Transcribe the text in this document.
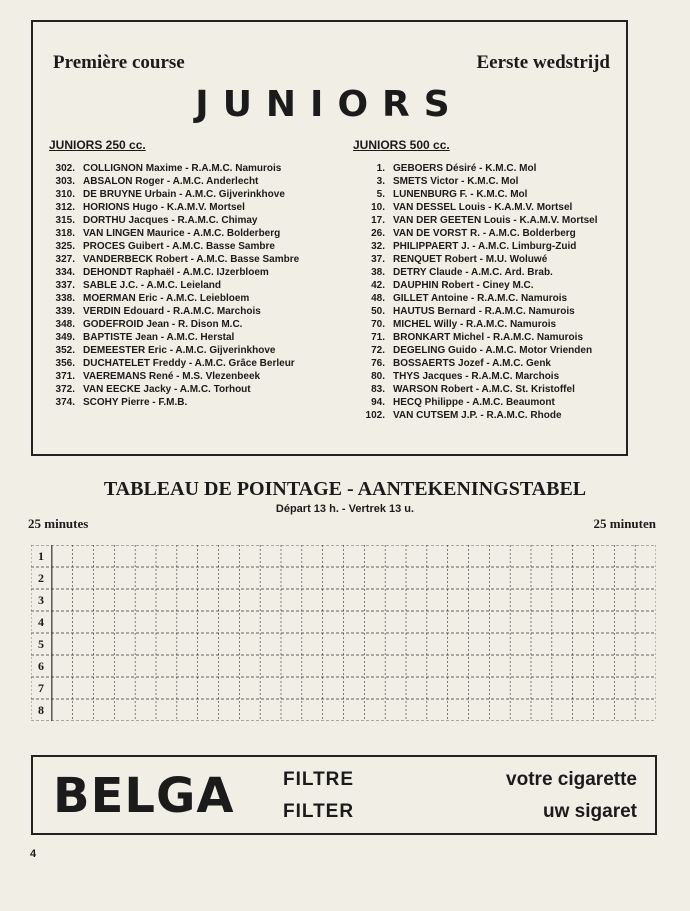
Première course	Eerste wedstrijd
JUNIORS
JUNIORS 250 cc.
302. COLLIGNON Maxime - R.A.M.C. Namurois
303. ABSALON Roger - A.M.C. Anderlecht
310. DE BRUYNE Urbain - A.M.C. Gijverinkhove
312. HORIONS Hugo - K.A.M.V. Mortsel
315. DORTHU Jacques - R.A.M.C. Chimay
318. VAN LINGEN Maurice - A.M.C. Bolderberg
325. PROCES Guibert - A.M.C. Basse Sambre
327. VANDERBECK Robert - A.M.C. Basse Sambre
334. DEHONDT Raphaël - A.M.C. IJzerbloem
337. SABLE J.C. - A.M.C. Leieland
338. MOERMAN Eric - A.M.C. Leiebloem
339. VERDIN Edouard - R.A.M.C. Marchois
348. GODEFROID Jean - R. Dison M.C.
349. BAPTISTE Jean - A.M.C. Herstal
352. DEMEESTER Eric - A.M.C. Gijverinkhove
356. DUCHATELET Freddy - A.M.C. Grâce Berleur
371. VAEREMANS René - M.S. Vlezenbeek
372. VAN EECKE Jacky - A.M.C. Torhout
374. SCOHY Pierre - F.M.B.
JUNIORS 500 cc.
1. GEBOERS Désiré - K.M.C. Mol
3. SMETS Victor - K.M.C. Mol
5. LUNENBURG F. - K.M.C. Mol
10. VAN DESSEL Louis - K.A.M.V. Mortsel
17. VAN DER GEETEN Louis - K.A.M.V. Mortsel
26. VAN DE VORST R. - A.M.C. Bolderberg
32. PHILIPPAERT J. - A.M.C. Limburg-Zuid
37. RENQUET Robert - M.U. Woluwé
38. DETRY Claude - A.M.C. Ard. Brab.
42. DAUPHIN Robert - Ciney M.C.
48. GILLET Antoine - R.A.M.C. Namurois
50. HAUTUS Bernard - R.A.M.C. Namurois
70. MICHEL Willy - R.A.M.C. Namurois
71. BRONKART Michel - R.A.M.C. Namurois
72. DEGELING Guido - A.M.C. Motor Vrienden
76. BOSSAERTS Jozef - A.M.C. Genk
80. THYS Jacques - R.A.M.C. Marchois
83. WARSON Robert - A.M.C. St. Kristoffel
94. HECQ Philippe - A.M.C. Beaumont
102. VAN CUTSEM J.P. - R.A.M.C. Rhode
TABLEAU DE POINTAGE - AANTEKENINGSTABEL
Départ 13 h. - Vertrek 13 u.
25 minutes	25 minuten
1
2
3
4
5
6
7
8
BELGA	FILTRE
FILTER
votre cigarette
uw sigaret
4
